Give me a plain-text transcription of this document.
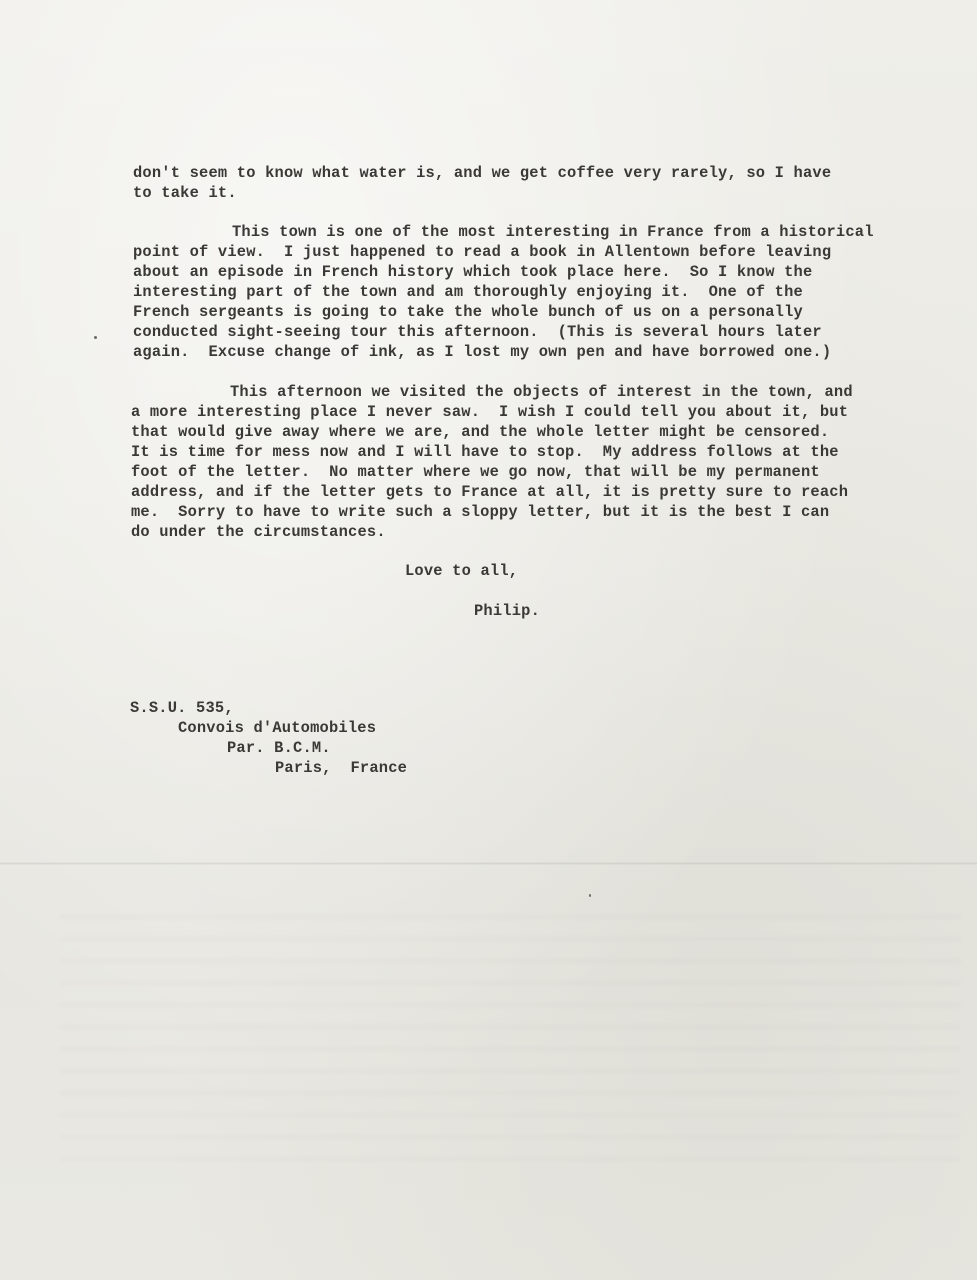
don't seem to know what water is, and we get coffee very rarely, so I have
to take it.
This town is one of the most interesting in France from a historical
point of view.  I just happened to read a book in Allentown before leaving
about an episode in French history which took place here.  So I know the
interesting part of the town and am thoroughly enjoying it.  One of the
French sergeants is going to take the whole bunch of us on a personally
conducted sight-seeing tour this afternoon.  (This is several hours later
again.  Excuse change of ink, as I lost my own pen and have borrowed one.)
This afternoon we visited the objects of interest in the town, and
a more interesting place I never saw.  I wish I could tell you about it, but
that would give away where we are, and the whole letter might be censored.
It is time for mess now and I will have to stop.  My address follows at the
foot of the letter.  No matter where we go now, that will be my permanent
address, and if the letter gets to France at all, it is pretty sure to reach
me.  Sorry to have to write such a sloppy letter, but it is the best I can
do under the circumstances.
Love to all,
Philip.
S.S.U. 535,
Convois d'Automobiles
Par. B.C.M.
Paris,  France
